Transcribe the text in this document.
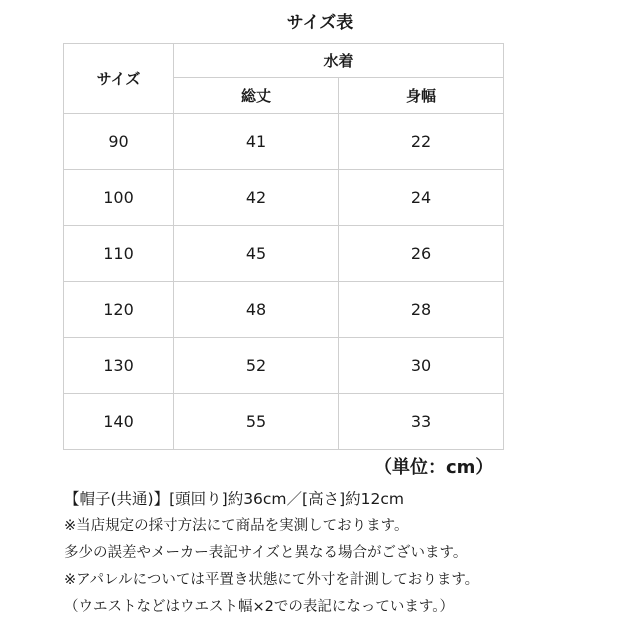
サイズ表
サイズ	水着	
	総丈	身幅
90	41	22
100	42	24
110	45	26
120	48	28
130	52	30
140	55	33
（単位：cm）
【帽子(共通)】[頭回り]約36cm／[高さ]約12cm
※当店規定の採寸方法にて商品を実測しております。
多少の誤差やメーカー表記サイズと異なる場合がございます。
※アパレルについては平置き状態にて外寸を計測しております。
（ウエストなどはウエスト幅×2での表記になっています。）
